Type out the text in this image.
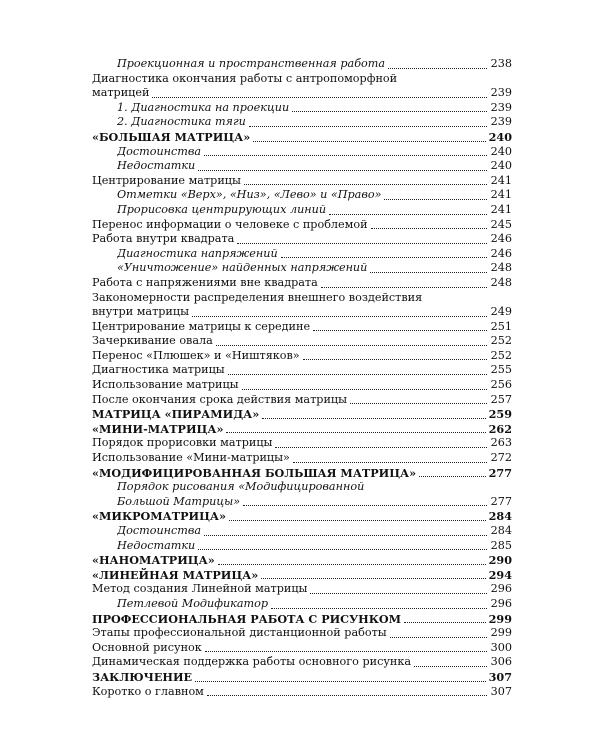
Проекционная и пространственная работа	238
Диагностика окончания работы с антропоморфной
матрицей	239
1. Диагностика на проекции	239
2. Диагностика тяги	239
«БОЛЬШАЯ МАТРИЦА»	240
Достоинства	240
Недостатки	240
Центрирование матрицы	241
Отметки «Верх», «Низ», «Лево» и «Право»	241
Прорисовка центрирующих линий	241
Перенос информации о человеке с проблемой	245
Работа внутри квадрата	246
Диагностика напряжений	246
«Уничтожение» найденных напряжений	248
Работа с напряжениями вне квадрата	248
Закономерности распределения внешнего воздействия
внутри матрицы	249
Центрирование матрицы к середине	251
Зачеркивание овала	252
Перенос «Плюшек» и «Ништяков»	252
Диагностика матрицы	255
Использование матрицы	256
После окончания срока действия матрицы	257
МАТРИЦА «ПИРАМИДА»	259
«МИНИ-МАТРИЦА»	262
Порядок прорисовки матрицы	263
Использование «Мини-матрицы»	272
«МОДИФИЦИРОВАННАЯ БОЛЬШАЯ МАТРИЦА»	277
Порядок рисования «Модифицированной
Большой Матрицы»	277
«МИКРОМАТРИЦА»	284
Достоинства	284
Недостатки	285
«НАНОМАТРИЦА»	290
«ЛИНЕЙНАЯ МАТРИЦА»	294
Метод создания Линейной матрицы	296
Петлевой Модификатор	296
ПРОФЕССИОНАЛЬНАЯ РАБОТА С РИСУНКОМ	299
Этапы профессиональной дистанционной работы	299
Основной рисунок	300
Динамическая поддержка работы основного рисунка	306
ЗАКЛЮЧЕНИЕ	307
Коротко о главном	307
